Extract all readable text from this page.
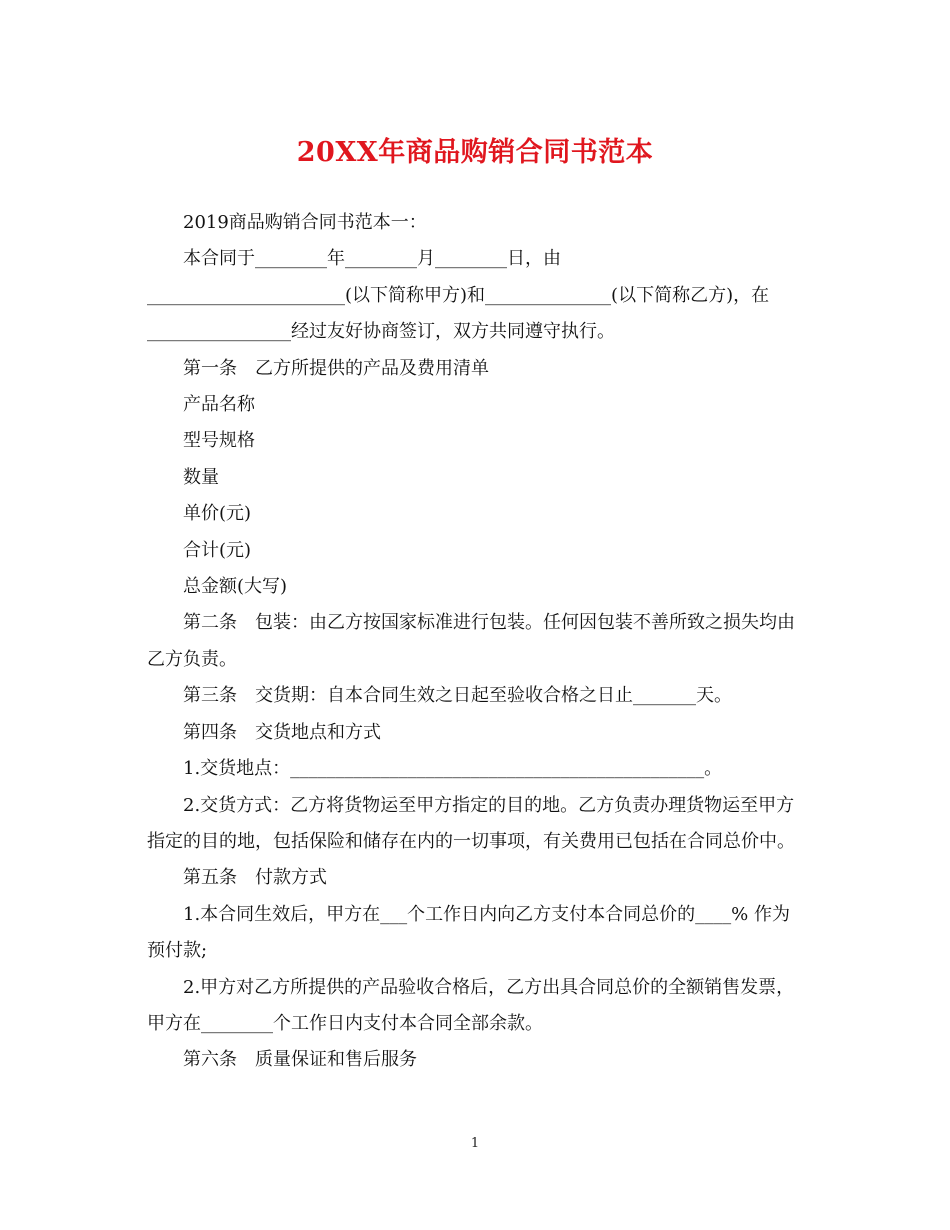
20XX年商品购销合同书范本

2019商品购销合同书范本一：

本合同于________年________月________日，由

______________________(以下简称甲方)和______________(以下简称乙方)，在________________经过友好协商签订，双方共同遵守执行。

第一条　乙方所提供的产品及费用清单

产品名称

型号规格

数量

单价(元)

合计(元)

总金额(大写)

第二条　包装：由乙方按国家标准进行包装。任何因包装不善所致之损失均由乙方负责。

第三条　交货期：自本合同生效之日起至验收合格之日止_______天。

第四条　交货地点和方式

1.交货地点：______________________________________________。

2.交货方式：乙方将货物运至甲方指定的目的地。乙方负责办理货物运至甲方指定的目的地，包括保险和储存在内的一切事项，有关费用已包括在合同总价中。

第五条　付款方式

1.本合同生效后，甲方在___个工作日内向乙方支付本合同总价的____% 作为预付款;

2.甲方对乙方所提供的产品验收合格后，乙方出具合同总价的全额销售发票，甲方在________个工作日内支付本合同全部余款。

第六条　质量保证和售后服务

1
